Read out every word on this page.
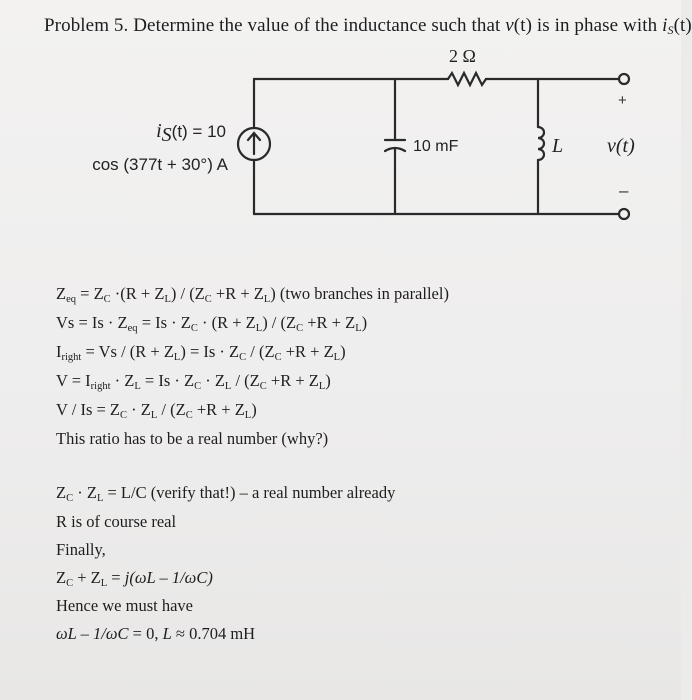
Problem 5. Determine the value of the inductance such that v(t) is in phase with $i_S(t)$
2 Ω
10 mF	L
+
–
v(t)
$i_S(t) = 10$
cos (377t + 30°) A
$Z_{eq} = Z_C \cdot(R + Z_L) / (Z_C +R + Z_L)$ (two branches in parallel)
$Vs = Is \cdot Z_{eq} = Is \cdot Z_C \cdot (R + Z_L) / (Z_C +R + Z_L)$
$I_{right} = Vs / (R + Z_L) = Is \cdot Z_C / (Z_C +R + Z_L)$
$V = I_{right} \cdot Z_L = Is \cdot Z_C \cdot Z_L / (Z_C +R + Z_L)$
$V / Is = Z_C \cdot Z_L / (Z_C +R + Z_L)$
This ratio has to be a real number (why?)
$Z_C \cdot Z_L = L/C$ (verify that!) – a real number already
R is of course real
Finally,
$Z_C + Z_L = j(\omega L - 1/\omega C)$
Hence we must have
ωL – 1/ωC = 0, L ≈ 0.704 mH
